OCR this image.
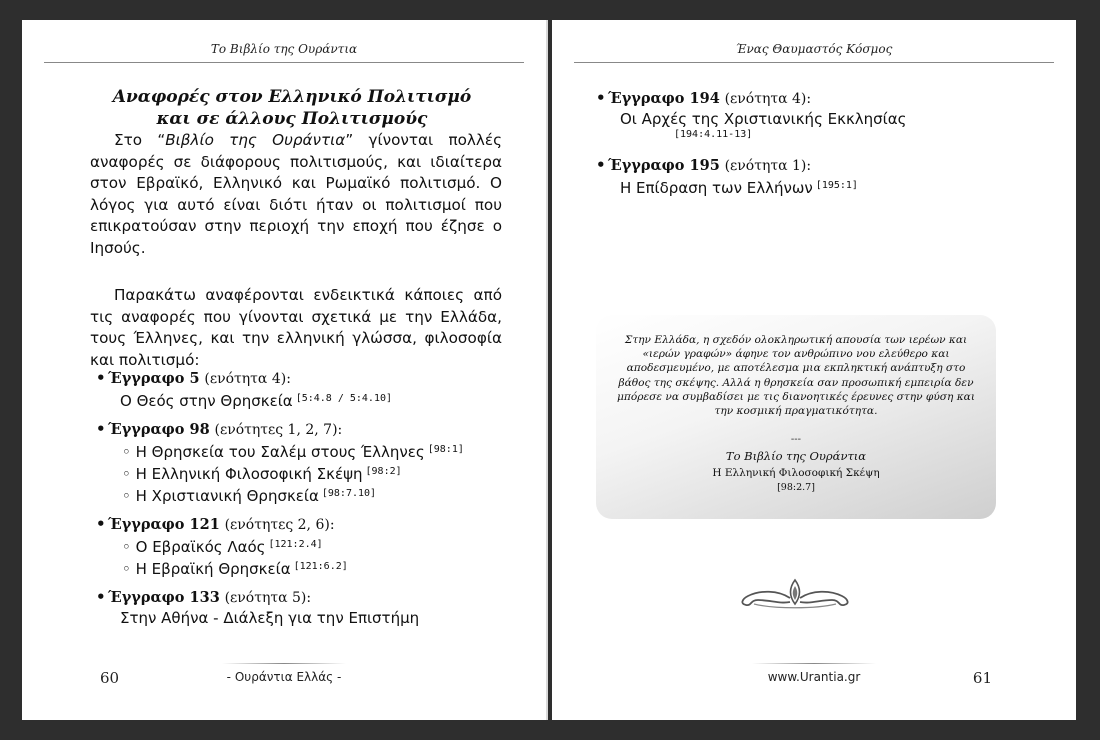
Το Βιβλίο της Ουράντια
Αναφορές στον Ελληνικό Πολιτισμό
και σε άλλους Πολιτισμούς
Στο “Βιβλίο της Ουράντια” γίνονται πολλές αναφορές σε διάφορους πολιτισμούς, και ιδιαίτερα στον Εβραϊκό, Ελληνικό και Ρωμαϊκό πολιτισμό. Ο λόγος για αυτό είναι διότι ήταν οι πολιτισμοί που επικρατούσαν στην περιοχή την εποχή που έζησε ο Ιησούς.
Παρακάτω αναφέρονται ενδεικτικά κάποιες από τις αναφορές που γίνονται σχετικά με την Ελλάδα, τους Έλληνες, και την ελληνική γλώσσα, φιλοσοφία και πολιτισμό:
• Έγγραφο 5 (ενότητα 4):
Ο Θεός στην Θρησκεία [5:4.8 / 5:4.10]
• Έγγραφο 98 (ενότητες 1, 2, 7):
◦ Η Θρησκεία του Σαλέμ στους Έλληνες [98:1]
◦ Η Ελληνική Φιλοσοφική Σκέψη [98:2]
◦ Η Χριστιανική Θρησκεία [98:7.10]
• Έγγραφο 121 (ενότητες 2, 6):
◦ Ο Εβραϊκός Λαός [121:2.4]
◦ Η Εβραϊκή Θρησκεία [121:6.2]
• Έγγραφο 133 (ενότητα 5):
Στην Αθήνα - Διάλεξη για την Επιστήμη
60	- Ουράντια Ελλάς -
Ένας Θαυμαστός Κόσμος
• Έγγραφο 194 (ενότητα 4):
Οι Αρχές της Χριστιανικής Εκκλησίας
[194:4.11-13]
• Έγγραφο 195 (ενότητα 1):
Η Επίδραση των Ελλήνων [195:1]
Στην Ελλάδα, η σχεδόν ολοκληρωτική απουσία των ιερέων και «ιερών γραφών» άφηνε τον ανθρώπινο νου ελεύθερο και αποδεσμευμένο, με αποτέλεσμα μια εκπληκτική ανάπτυξη στο βάθος της σκέψης. Αλλά η θρησκεία σαν προσωπική εμπειρία δεν μπόρεσε να συμβαδίσει με τις διανοητικές έρευνες στην φύση και την κοσμική πραγματικότητα.
---
Το Βιβλίο της Ουράντια
Η Ελληνική Φιλοσοφική Σκέψη
[98:2.7]
www.Urantia.gr	61
